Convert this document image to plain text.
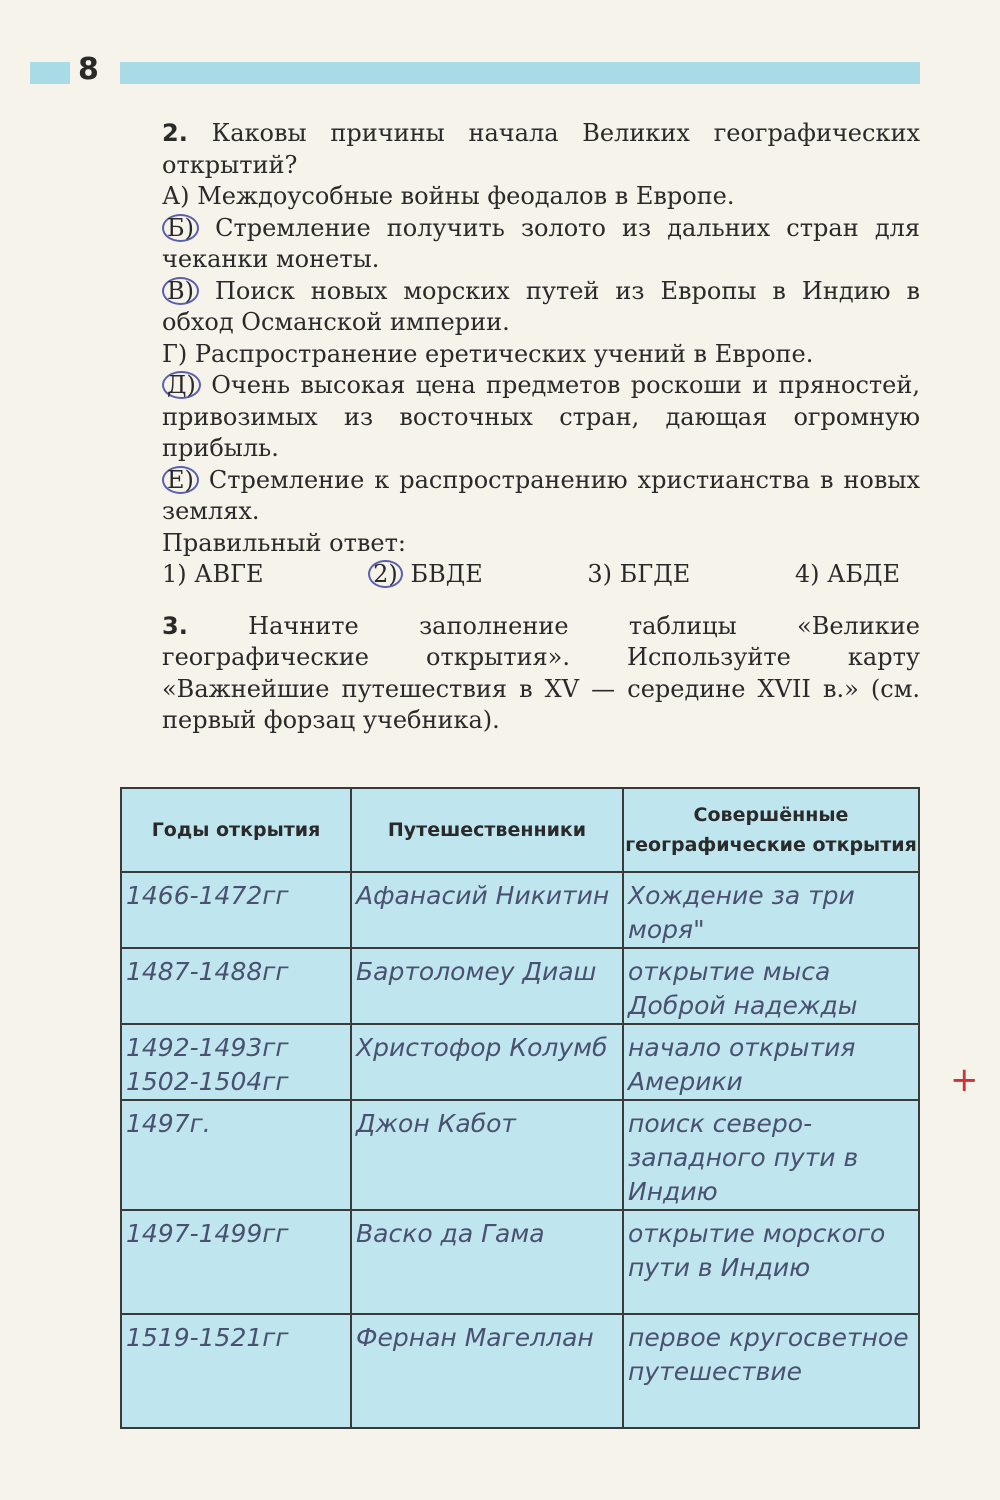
8

2. Каковы причины начала Великих географических открытий?

А) Междоусобные войны феодалов в Европе.

Б) Стремление получить золото из дальних стран для чеканки монеты.

В) Поиск новых морских путей из Европы в Индию в обход Османской империи.

Г) Распространение еретических учений в Европе.

Д) Очень высокая цена предметов роскоши и пряностей, привозимых из восточных стран, дающая огромную прибыль.

Е) Стремление к распространению христианства в новых землях.

Правильный ответ:

1) АВГЕ	2) БВДЕ	3) БГДЕ	4) АБДЕ

3.	Начните заполнение таблицы «Великие географические открытия». Используйте карту «Важнейшие путешествия в XV — середине XVII в.» (см. первый форзац учебника).

Годы открытия	Путешественники	Совершённые географические открытия

1466-1472гг	Афанасий Никитин	Хождение за три моря"

1487-1488гг	Бартоломеу Диаш	открытие мыса Доброй надежды

1492-1493гг
1502-1504гг	Христофор Колумб	начало открытия Америки

1497г.	Джон Кабот	поиск северо-западного пути в Индию

1497-1499гг	Васко да Гама	открытие морского пути в Индию

1519-1521гг	Фернан Магеллан	первое кругосветное путешествие
+
